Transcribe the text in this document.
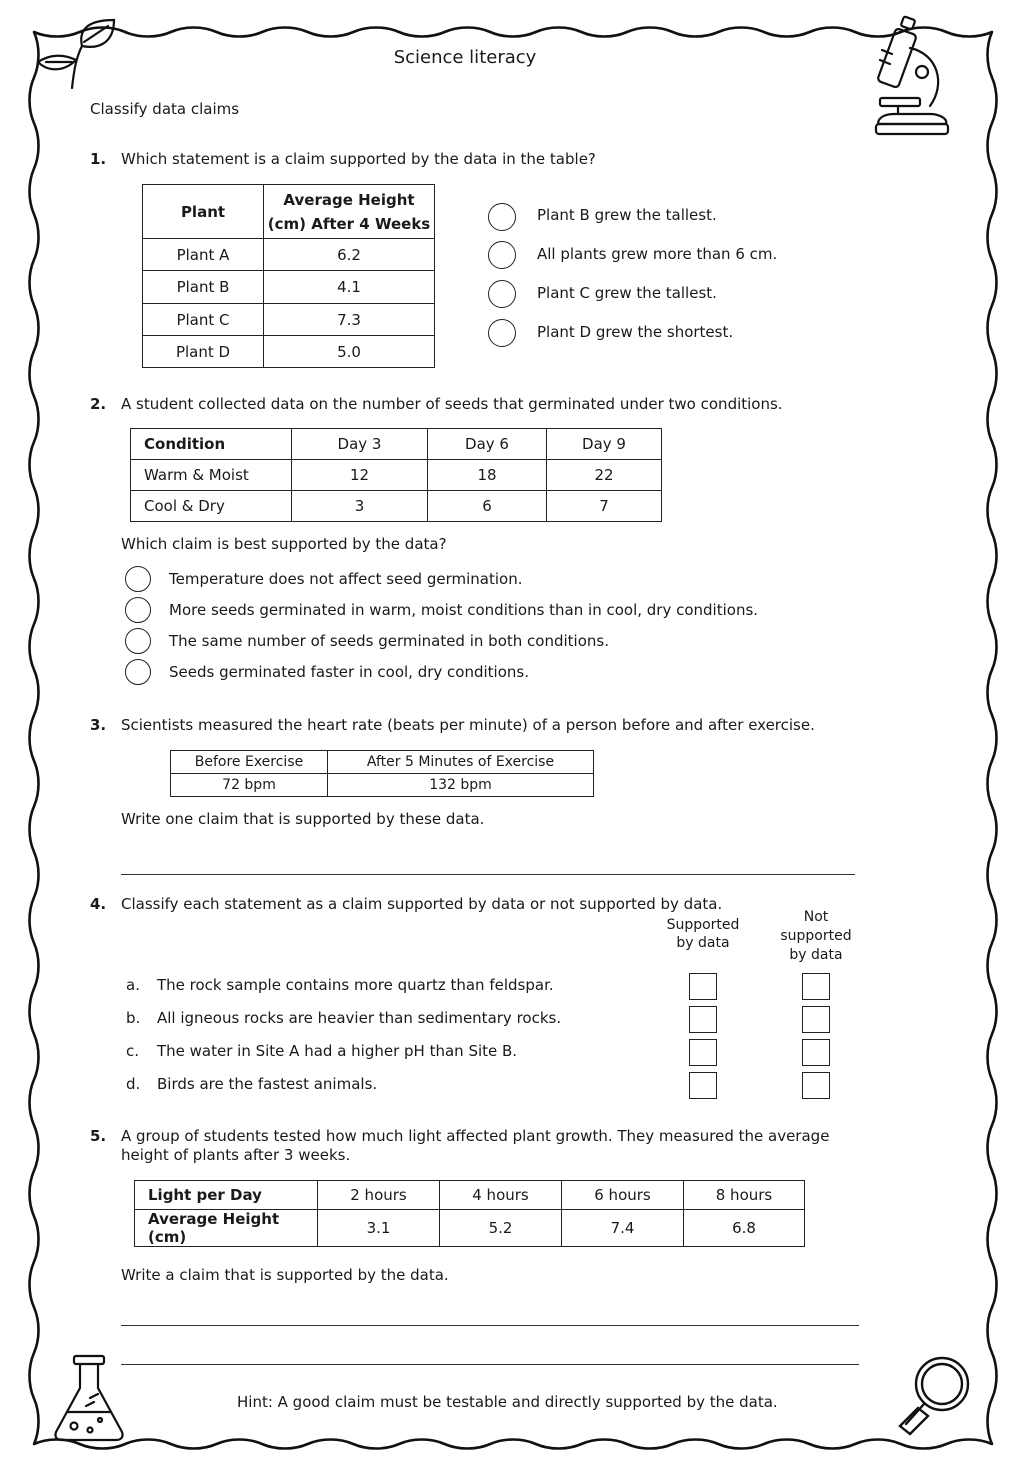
Science literacy
Classify data claims
1. Which statement is a claim supported by the data in the table?
Plant	Average Height
(cm) After 4 Weeks
Plant A	6.2
Plant B	4.1
Plant C	7.3
Plant D	5.0
Plant B grew the tallest.
All plants grew more than 6 cm.
Plant C grew the tallest.
Plant D grew the shortest.
2. A student collected data on the number of seeds that germinated under two conditions.
Condition	Day 3	Day 6	Day 9
Warm & Moist	12	18	22
Cool & Dry	3	6	7
Which claim is best supported by the data?
Temperature does not affect seed germination.
More seeds germinated in warm, moist conditions than in cool, dry conditions.
The same number of seeds germinated in both conditions.
Seeds germinated faster in cool, dry conditions.
3. Scientists measured the heart rate (beats per minute) of a person before and after exercise.
Before Exercise	After 5 Minutes of Exercise
72 bpm	132 bpm
Write one claim that is supported by these data.
4. Classify each statement as a claim supported by data or not supported by data.
Supported
by data
Not
supported
by data
a. The rock sample contains more quartz than feldspar.
b. All igneous rocks are heavier than sedimentary rocks.
c. The water in Site A had a higher pH than Site B.
d. Birds are the fastest animals.
5. A group of students tested how much light affected plant growth. They measured the average
height of plants after 3 weeks.
Light per Day	2 hours	4 hours	6 hours	8 hours
Average Height (cm)	3.1	5.2	7.4	6.8
Write a claim that is supported by the data.
Hint: A good claim must be testable and directly supported by the data.
